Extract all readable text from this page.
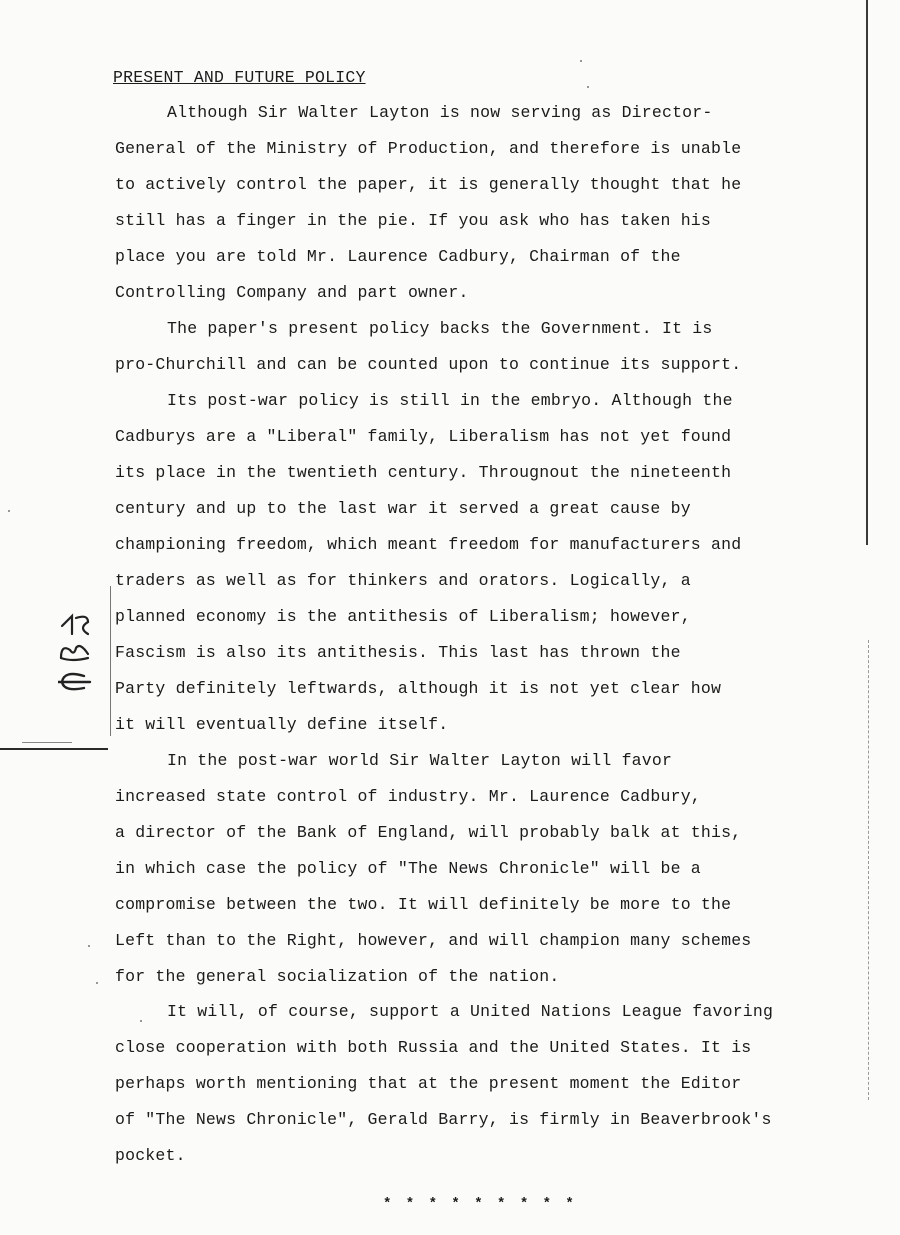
PRESENT AND FUTURE POLICY
Although Sir Walter Layton is now serving as Director-
General of the Ministry of Production, and therefore is unable
to actively control the paper, it is generally thought that he
still has a finger in the pie. If you ask who has taken his
place you are told Mr. Laurence Cadbury, Chairman of the
Controlling Company and part owner.
The paper's present policy backs the Government. It is
pro-Churchill and can be counted upon to continue its support.
Its post-war policy is still in the embryo. Although the
Cadburys are a "Liberal" family, Liberalism has not yet found
its place in the twentieth century. Througnout the nineteenth
century and up to the last war it served a great cause by
championing freedom, which meant freedom for manufacturers and
traders as well as for thinkers and orators. Logically, a
planned economy is the antithesis of Liberalism; however,
Fascism is also its antithesis. This last has thrown the
Party definitely leftwards, although it is not yet clear how
it will eventually define itself.
In the post-war world Sir Walter Layton will favor
increased state control of industry. Mr. Laurence Cadbury,
a director of the Bank of England, will probably balk at this,
in which case the policy of "The News Chronicle" will be a
compromise between the two. It will definitely be more to the
Left than to the Right, however, and will champion many schemes
for the general socialization of the nation.
It will, of course, support a United Nations League favoring
close cooperation with both Russia and the United States. It is
perhaps worth mentioning that at the present moment the Editor
of "The News Chronicle", Gerald Barry, is firmly in Beaverbrook's
pocket.
* * * * * * * * *
